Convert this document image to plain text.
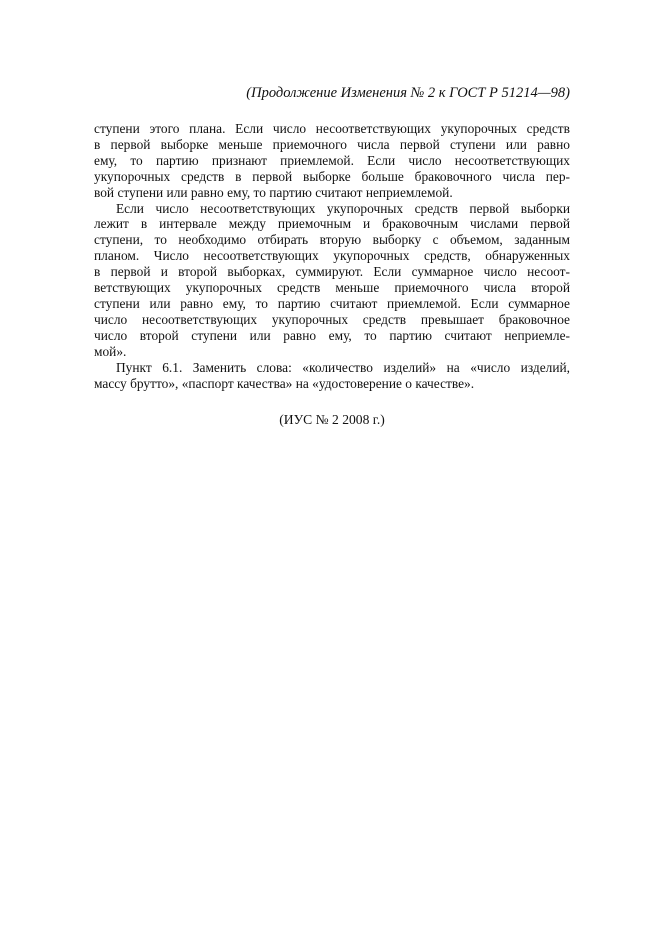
(Продолжение Изменения № 2 к ГОСТ Р 51214—98)
ступени этого плана. Если число несоответствующих укупорочных средств
в первой выборке меньше приемочного числа первой ступени или равно
ему, то партию признают приемлемой. Если число несоответствующих
укупорочных средств в первой выборке больше браковочного числа пер-
вой ступени или равно ему, то партию считают неприемлемой.
Если число несоответствующих укупорочных средств первой выборки
лежит в интервале между приемочным и браковочным числами первой
ступени, то необходимо отбирать вторую выборку с объемом, заданным
планом. Число несоответствующих укупорочных средств, обнаруженных
в первой и второй выборках, суммируют. Если суммарное число несоот-
ветствующих укупорочных средств меньше приемочного числа второй
ступени или равно ему, то партию считают приемлемой. Если суммарное
число несоответствующих укупорочных средств превышает браковочное
число второй ступени или равно ему, то партию считают неприемле-
мой».
Пункт 6.1. Заменить слова: «количество изделий» на «число изделий,
массу брутто», «паспорт качества» на «удостоверение о качестве».
(ИУС № 2 2008 г.)
